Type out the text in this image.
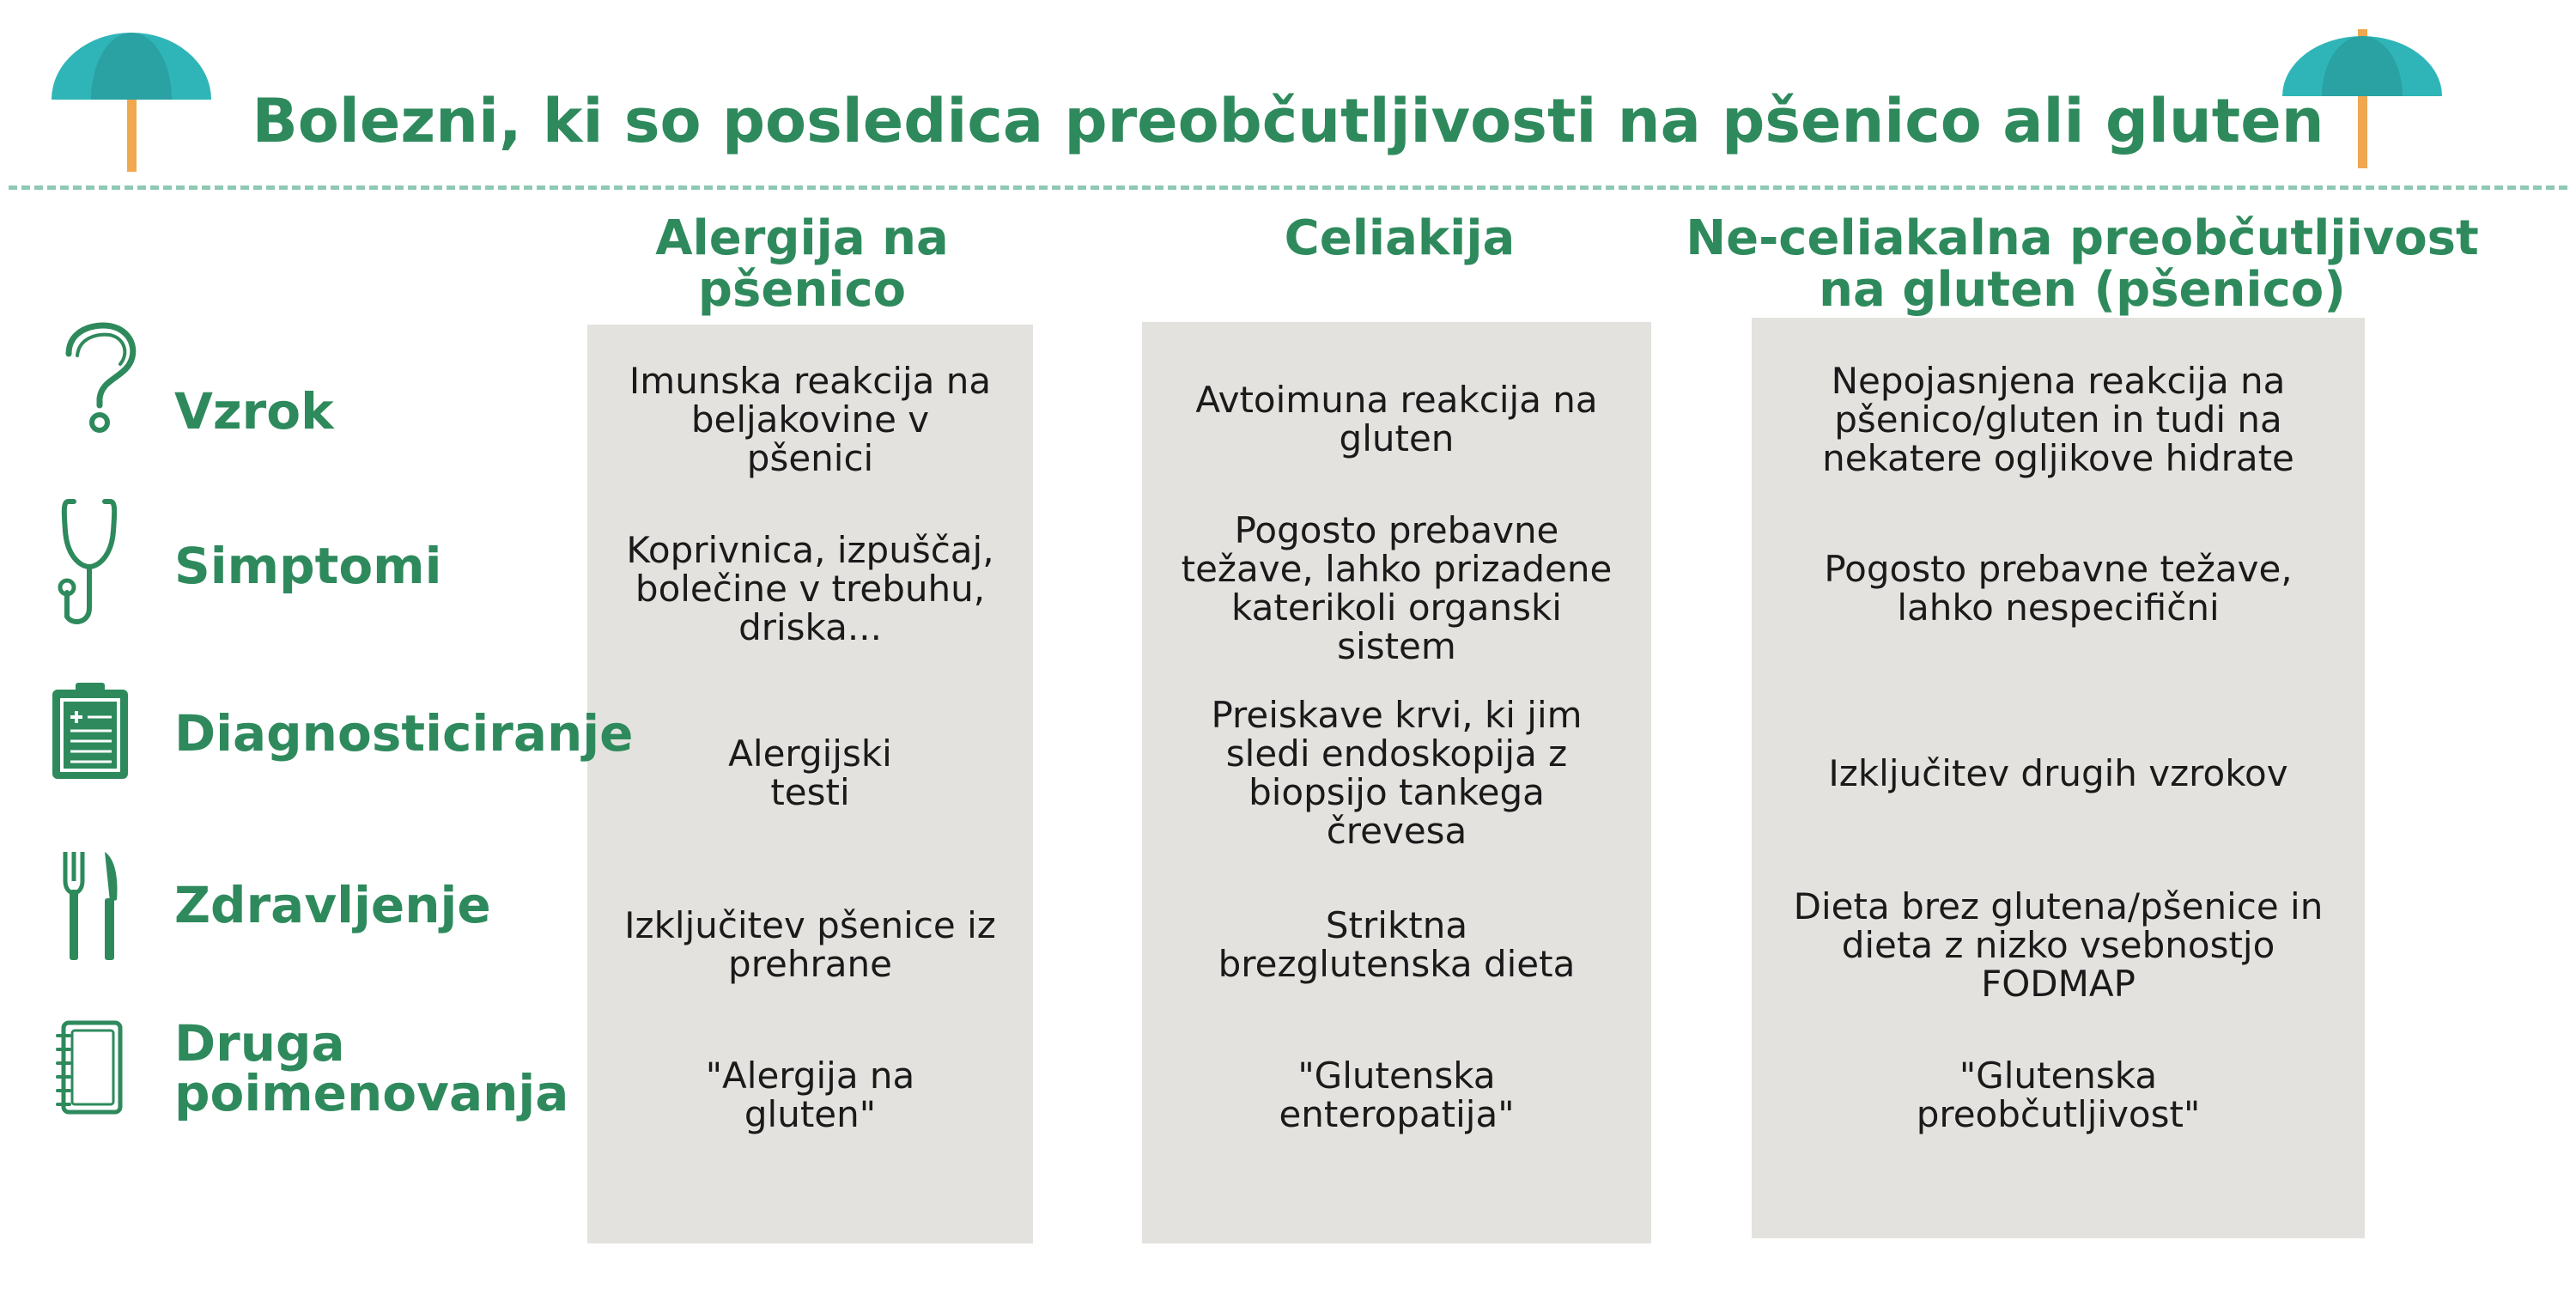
Bolezni, ki so posledica preobčutljivosti na pšenico ali gluten
Alergija na
pšenico
Celiakija	Ne-celiakalna preobčutljivost
na gluten (pšenico)
Vzrok
Simptomi
Diagnosticiranje
Zdravljenje
Druga
poimenovanja
Imunska reakcija na
beljakovine v
pšenici
Avtoimuna reakcija na
gluten
Nepojasnjena reakcija na
pšenico/gluten in tudi na
nekatere ogljikove hidrate
Koprivnica, izpuščaj,
bolečine v trebuhu,
driska...
Pogosto prebavne
težave, lahko prizadene
katerikoli organski
sistem
Pogosto prebavne težave,
lahko nespecifični
Alergijski
testi
Preiskave krvi, ki jim
sledi endoskopija z
biopsijo tankega
črevesa
Izključitev drugih vzrokov
Izključitev pšenice iz
prehrane
Striktna
brezglutenska dieta
Dieta brez glutena/pšenice in
dieta z nizko vsebnostjo
FODMAP
"Alergija na
gluten"
"Glutenska
enteropatija"
"Glutenska
preobčutljivost"
